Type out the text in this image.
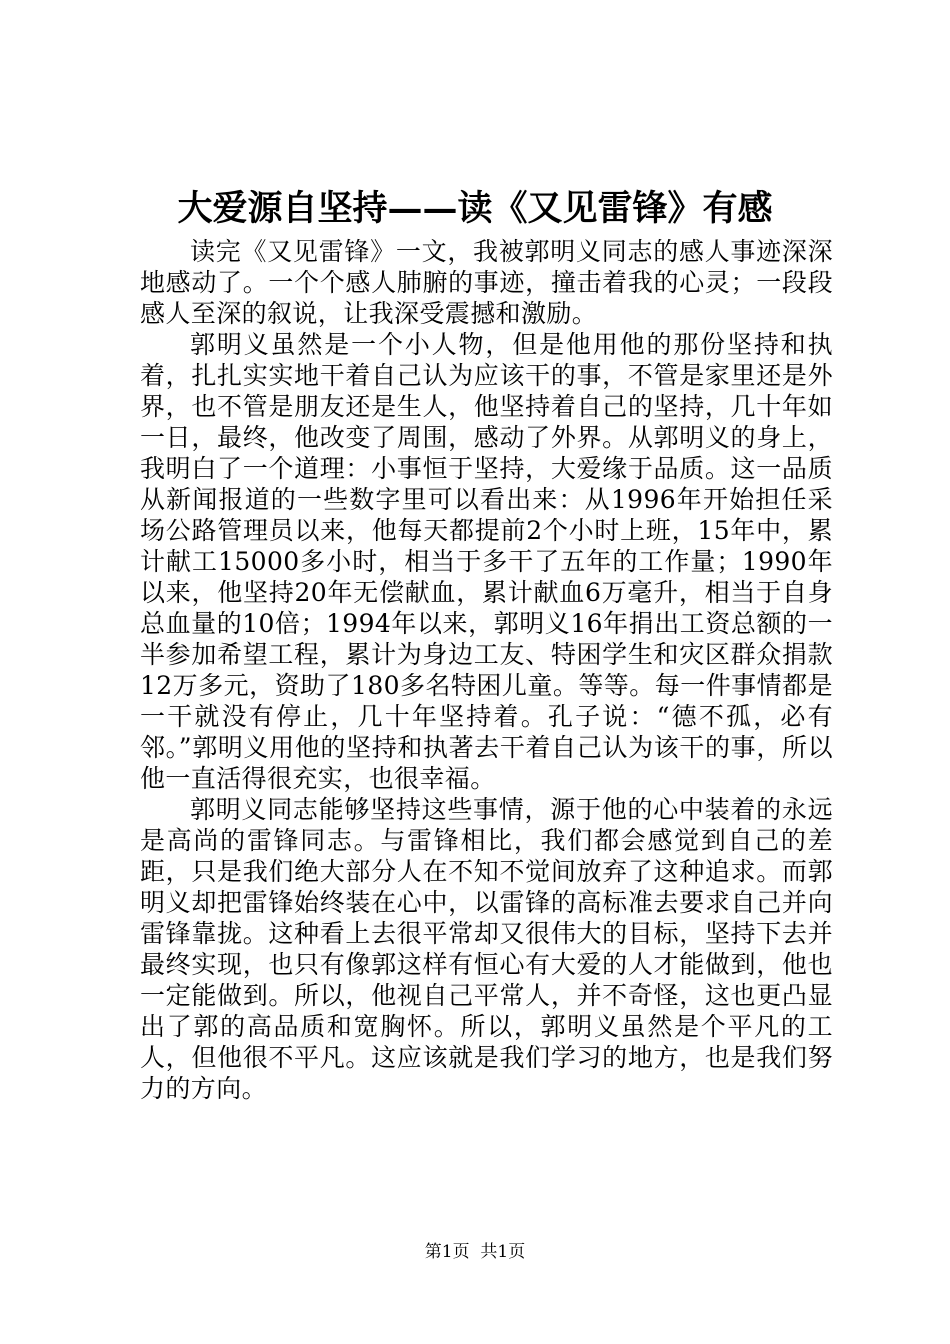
大爱源自坚持——读《又见雷锋》有感

读完《又见雷锋》一文，我被郭明义同志的感人事迹深深地感动了。一个个感人肺腑的事迹，撞击着我的心灵；一段段感人至深的叙说，让我深受震撼和激励。

郭明义虽然是一个小人物，但是他用他的那份坚持和执着，扎扎实实地干着自己认为应该干的事，不管是家里还是外界，也不管是朋友还是生人，他坚持着自己的坚持，几十年如一日，最终，他改变了周围，感动了外界。从郭明义的身上，我明白了一个道理：小事恒于坚持，大爱缘于品质。这一品质从新闻报道的一些数字里可以看出来：从1996年开始担任采场公路管理员以来，他每天都提前2个小时上班，15年中，累计献工15000多小时，相当于多干了五年的工作量；1990年以来，他坚持20年无偿献血，累计献血6万毫升，相当于自身总血量的10倍；1994年以来，郭明义16年捐出工资总额的一半参加希望工程，累计为身边工友、特困学生和灾区群众捐款12万多元，资助了180多名特困儿童。等等。每一件事情都是一干就没有停止，几十年坚持着。孔子说：“德不孤，必有邻。”郭明义用他的坚持和执著去干着自己认为该干的事，所以他一直活得很充实，也很幸福。

郭明义同志能够坚持这些事情，源于他的心中装着的永远是高尚的雷锋同志。与雷锋相比，我们都会感觉到自己的差距，只是我们绝大部分人在不知不觉间放弃了这种追求。而郭明义却把雷锋始终装在心中，以雷锋的高标准去要求自己并向雷锋靠拢。这种看上去很平常却又很伟大的目标，坚持下去并最终实现，也只有像郭这样有恒心有大爱的人才能做到，他也一定能做到。所以，他视自己平常人，并不奇怪，这也更凸显出了郭的高品质和宽胸怀。所以，郭明义虽然是个平凡的工人，但他很不平凡。这应该就是我们学习的地方，也是我们努力的方向。

第1页  共1页
